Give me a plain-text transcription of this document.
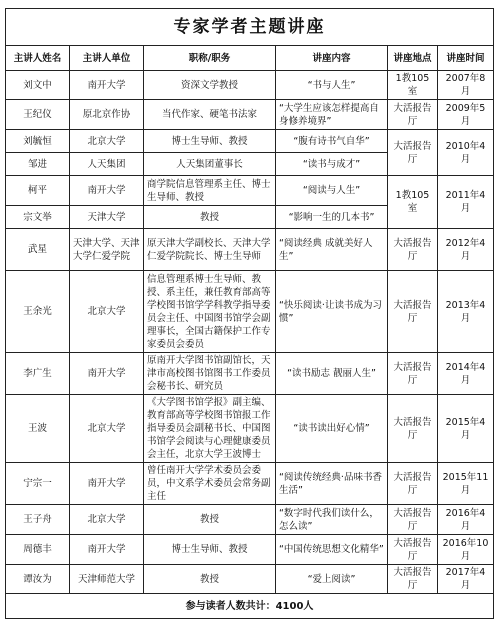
专家学者主题讲座					
主讲人姓名	主讲人单位	职称/职务	讲座内容	讲座地点	讲座时间
刘文中	南开大学	资深文学教授	“书与人生”	1教105室	2007年8月
王纪仪	原北京作协	当代作家、硬笔书法家	“大学生应该怎样提高自身修养境界”	大活报告厅	2009年5月
刘毓恒	北京大学	博士生导师、教授	“腹有诗书气自华”	大活报告厅	2010年4月
邹进	人天集团	人天集团董事长	“读书与成才”		
柯平	南开大学	商学院信息管理系主任、博士生导师、教授	“阅读与人生”	1教105室	2011年4月
宗文举	天津大学	教授	“影响一生的几本书”		
武星	天津大学、天津大学仁爱学院	原天津大学副校长、天津大学仁爱学院院长、博士生导师	“阅读经典 成就美好人生”	大活报告厅	2012年4月
王余光	北京大学	信息管理系博士生导师、教授、系主任，兼任教育部高等学校图书馆学学科教学指导委员会主任、中国图书馆学会副理事长，全国古籍保护工作专家委员会委员	“快乐阅读·让读书成为习惯”	大活报告厅	2013年4月
李广生	南开大学	原南开大学图书馆副馆长，天津市高校图书馆图书工作委员会秘书长、研究员	“读书励志 靓丽人生”	大活报告厅	2014年4月
王波	北京大学	《大学图书馆学报》副主编、教育部高等学校图书馆报工作指导委员会副秘书长、中国图书馆学会阅读与心理健康委员会主任，北京大学王波博士	“读书读出好心情”	大活报告厅	2015年4月
宁宗一	南开大学	曾任南开大学学术委员会委员，中文系学术委员会常务副主任	“阅读传统经典·品味书香生活”	大活报告厅	2015年11月
王子舟	北京大学	教授	“数字时代我们读什么，怎么读”	大活报告厅	2016年4月
周德丰	南开大学	博士生导师、教授	“中国传统思想文化精华”	大活报告厅	2016年10月
谭汝为	天津师范大学	教授	“爱上阅读”	大活报告厅	2017年4月
参与读者人数共计：4100人					
